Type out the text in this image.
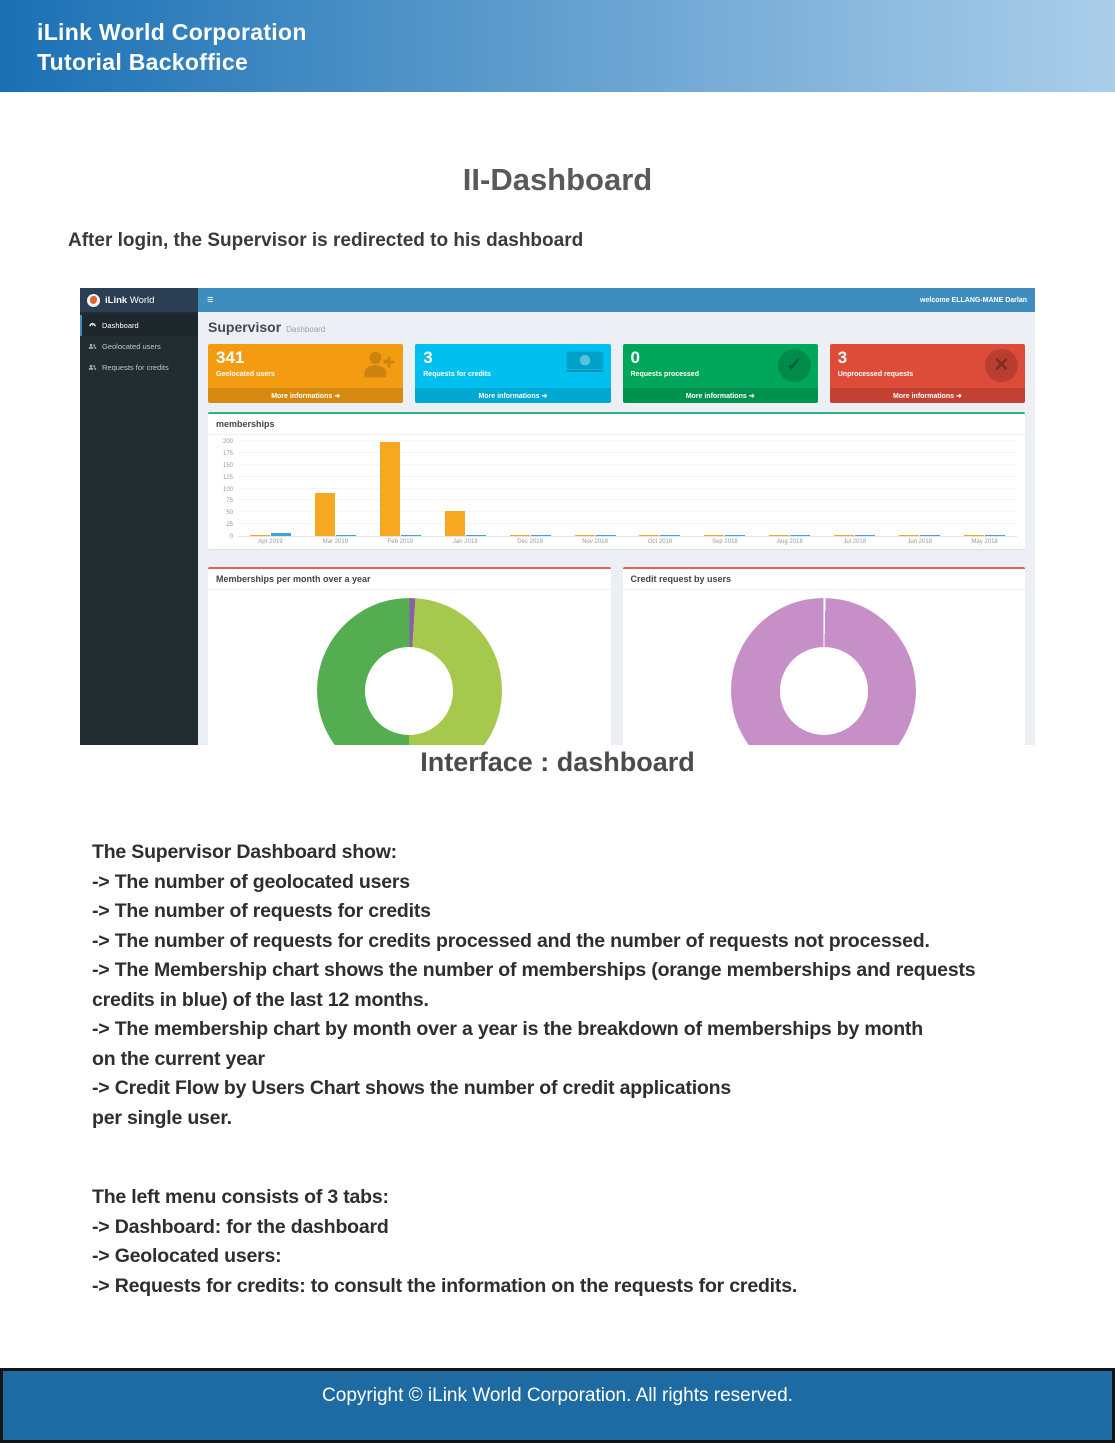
iLink World Corporation
Tutorial Backoffice
II-Dashboard

After login, the Supervisor is redirected to his dashboard

iLink World	≡	welcome ELLANG-MANE Darlan
Dashboard
Geolocated users
Requests for credits
Supervisor Dashboard
341
Geolocated users
More informations ➜
3
Requests for credits
More informations ➜
0
Requests processed	✓
More informations ➜
3
Unprocessed requests	✕
More informations ➜
memberships
0
25
50
75
100
125
150
175
200
Apr 2019	Mar 2019	Feb 2019	Jan 2019	Dec 2018	Nov 2018	Oct 2018	Sep 2018	Aug 2018	Jul 2018	Jun 2018	May 2018
Memberships per month over a year	Credit request by users
Interface : dashboard
The Supervisor Dashboard show:
-> The number of geolocated users
-> The number of requests for credits
-> The number of requests for credits processed and the number of requests not processed.
-> The Membership chart shows the number of memberships (orange memberships and requests
credits in blue) of the last 12 months.
-> The membership chart by month over a year is the breakdown of memberships by month
on the current year
-> Credit Flow by Users Chart shows the number of credit applications
per single user.
The left menu consists of 3 tabs:
-> Dashboard: for the dashboard
-> Geolocated users:
-> Requests for credits: to consult the information on the requests for credits.
Copyright © iLink World Corporation. All rights reserved.
